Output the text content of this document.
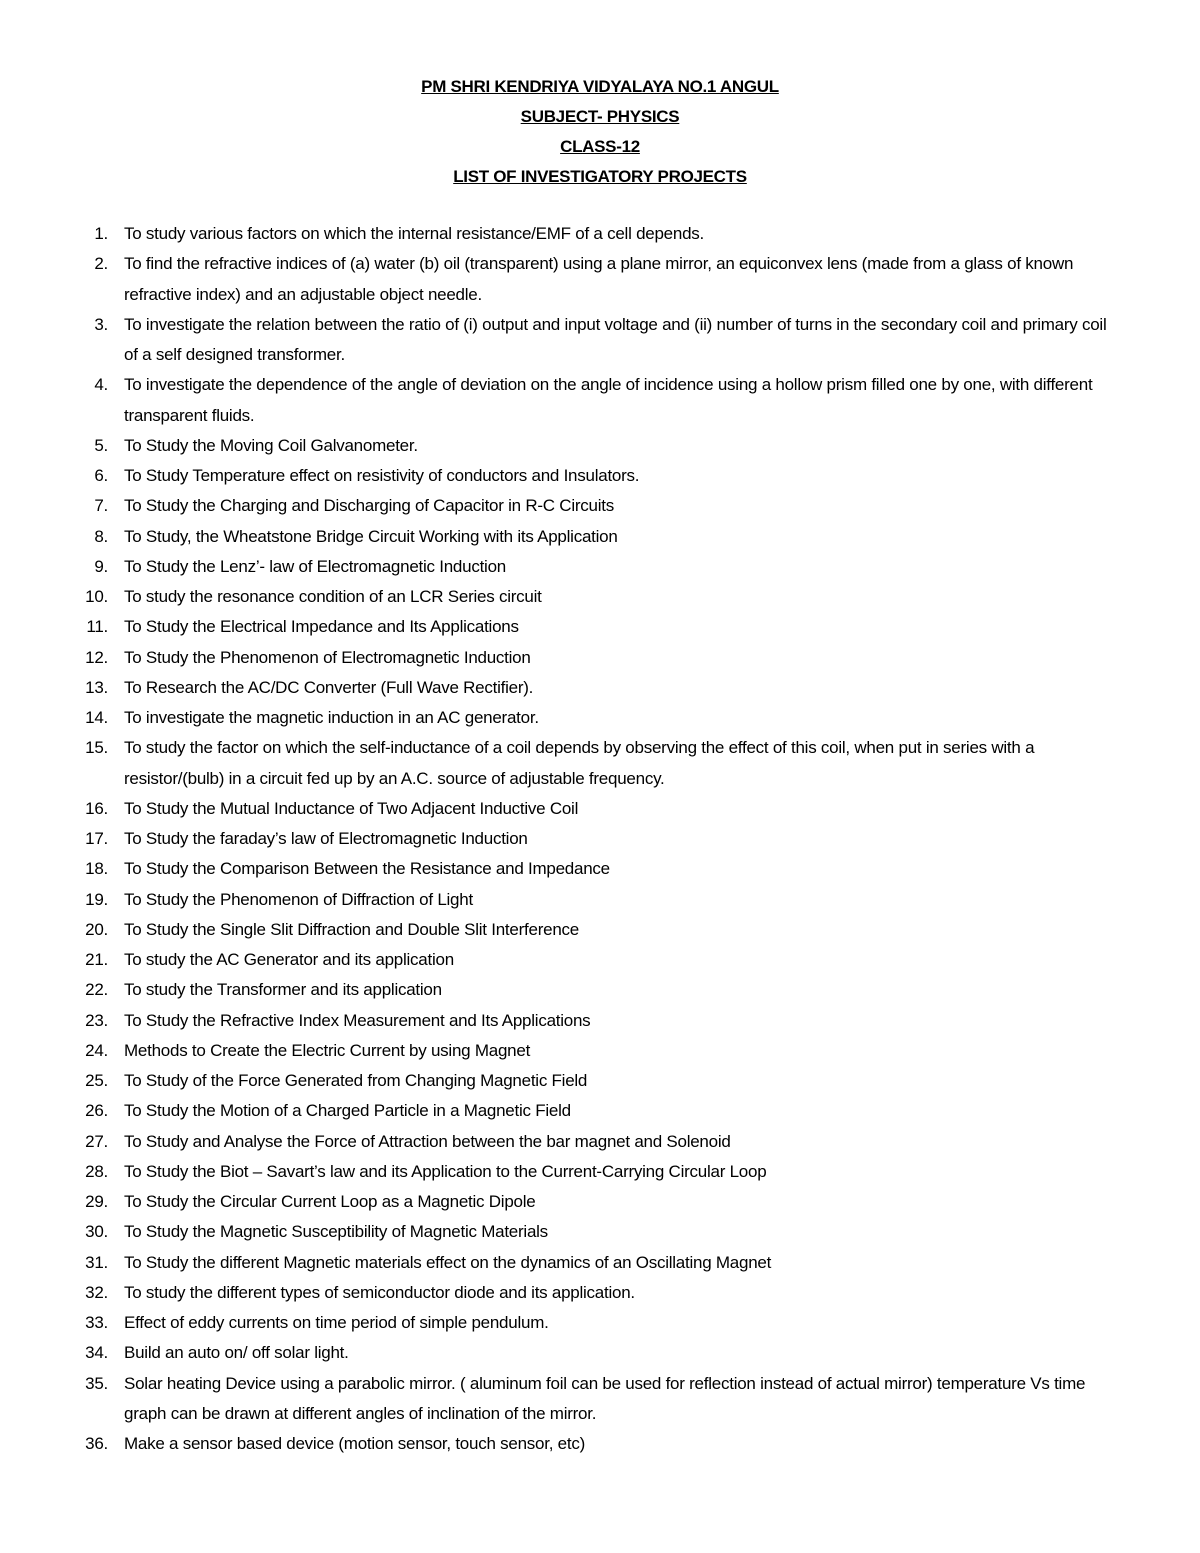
PM SHRI KENDRIYA VIDYALAYA NO.1 ANGUL
SUBJECT- PHYSICS
CLASS-12
LIST OF INVESTIGATORY PROJECTS
1. To study various factors on which the internal resistance/EMF of a cell depends.
2. To find the refractive indices of (a) water (b) oil (transparent) using a plane mirror, an equiconvex lens (made from a glass of known refractive index) and an adjustable object needle.
3. To investigate the relation between the ratio of (i) output and input voltage and (ii) number of turns in the secondary coil and primary coil of a self designed transformer.
4. To investigate the dependence of the angle of deviation on the angle of incidence using a hollow prism filled one by one, with different transparent fluids.
5. To Study the Moving Coil Galvanometer.
6. To Study Temperature effect on resistivity of conductors and Insulators.
7. To Study the Charging and Discharging of Capacitor in R-C Circuits
8. To Study, the Wheatstone Bridge Circuit Working with its Application
9. To Study the Lenz’- law of Electromagnetic Induction
10. To study the resonance condition of an LCR Series circuit
11. To Study the Electrical Impedance and Its Applications
12. To Study the Phenomenon of Electromagnetic Induction
13. To Research the AC/DC Converter (Full Wave Rectifier).
14. To investigate the magnetic induction in an AC generator.
15. To study the factor on which the self-inductance of a coil depends by observing the effect of this coil, when put in series with a resistor/(bulb) in a circuit fed up by an A.C. source of adjustable frequency.
16. To Study the Mutual Inductance of Two Adjacent Inductive Coil
17. To Study the faraday’s law of Electromagnetic Induction
18. To Study the Comparison Between the Resistance and Impedance
19. To Study the Phenomenon of Diffraction of Light
20. To Study the Single Slit Diffraction and Double Slit Interference
21. To study the AC Generator and its application
22. To study the Transformer and its application
23. To Study the Refractive Index Measurement and Its Applications
24. Methods to Create the Electric Current by using Magnet
25. To Study of the Force Generated from Changing Magnetic Field
26. To Study the Motion of a Charged Particle in a Magnetic Field
27. To Study and Analyse the Force of Attraction between the bar magnet and Solenoid
28. To Study the Biot – Savart’s law and its Application to the Current-Carrying Circular Loop
29. To Study the Circular Current Loop as a Magnetic Dipole
30. To Study the Magnetic Susceptibility of Magnetic Materials
31. To Study the different Magnetic materials effect on the dynamics of an Oscillating Magnet
32. To study the different types of semiconductor diode and its application.
33. Effect of eddy currents on time period of simple pendulum.
34. Build an auto on/ off solar light.
35. Solar heating Device using a parabolic mirror. ( aluminum foil can be used for reflection instead of actual mirror) temperature Vs time graph can be drawn at different angles of inclination of the mirror.
36. Make a sensor based device (motion sensor, touch sensor, etc)
